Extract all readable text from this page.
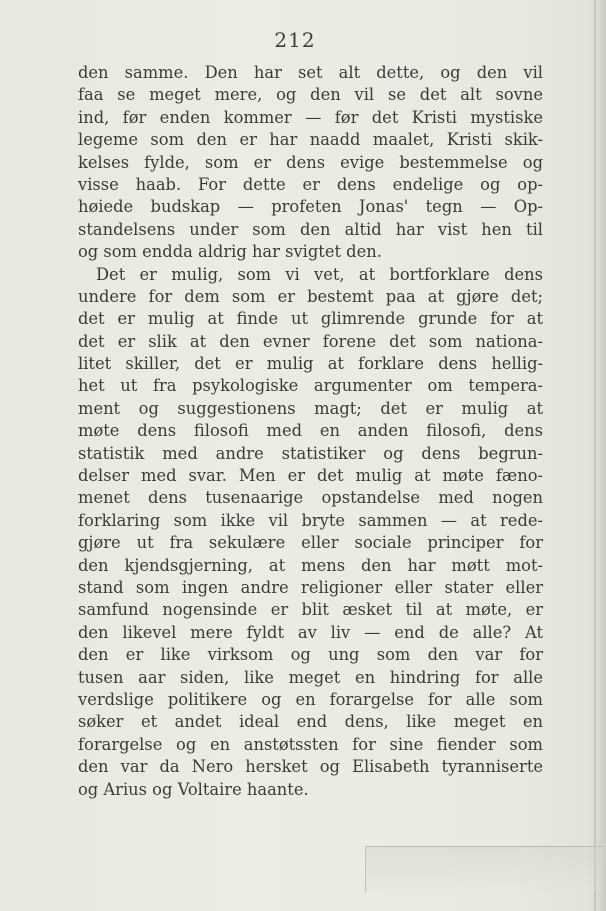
212
den samme. Den har set alt dette, og den vil
faa se meget mere, og den vil se det alt sovne
ind, før enden kommer — før det Kristi mystiske
legeme som den er har naadd maalet, Kristi skik-
kelses fylde, som er dens evige bestemmelse og
visse haab. For dette er dens endelige og op-
høiede budskap — profeten Jonas' tegn — Op-
standelsens under som den altid har vist hen til
og som endda aldrig har svigtet den.
Det er mulig, som vi vet, at bortforklare dens
undere for dem som er bestemt paa at gjøre det;
det er mulig at finde ut glimrende grunde for at
det er slik at den evner forene det som nationa-
litet skiller, det er mulig at forklare dens hellig-
het ut fra psykologiske argumenter om tempera-
ment og suggestionens magt; det er mulig at
møte dens filosofi med en anden filosofi, dens
statistik med andre statistiker og dens begrun-
delser med svar. Men er det mulig at møte fæno-
menet dens tusenaarige opstandelse med nogen
forklaring som ikke vil bryte sammen — at rede-
gjøre ut fra sekulære eller sociale principer for
den kjendsgjerning, at mens den har møtt mot-
stand som ingen andre religioner eller stater eller
samfund nogensinde er blit æsket til at møte, er
den likevel mere fyldt av liv — end de alle? At
den er like virksom og ung som den var for
tusen aar siden, like meget en hindring for alle
verdslige politikere og en forargelse for alle som
søker et andet ideal end dens, like meget en
forargelse og en anstøtssten for sine fiender som
den var da Nero hersket og Elisabeth tyranniserte
og Arius og Voltaire haante.
